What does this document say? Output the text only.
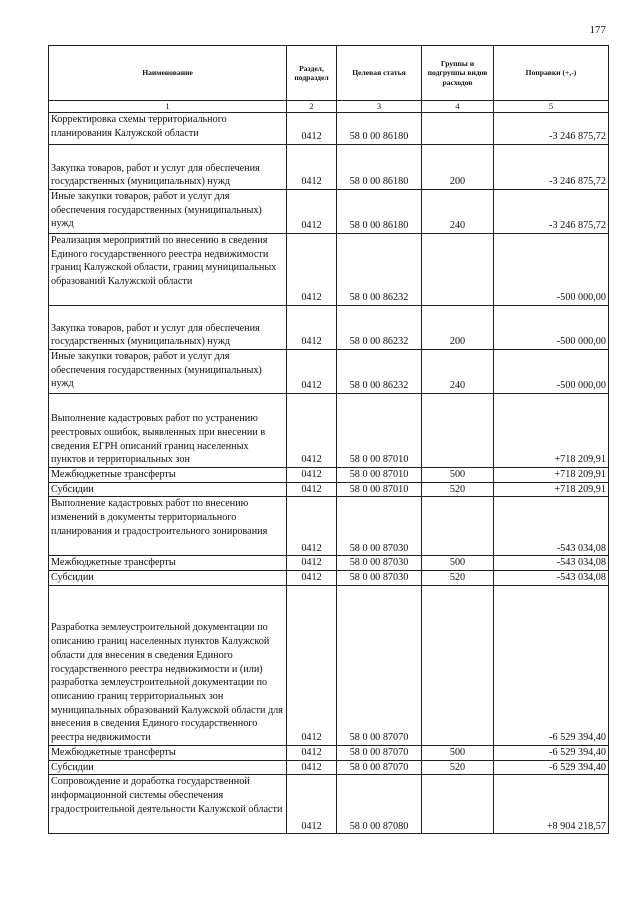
177
Наименование	Раздел, подраздел	Целевая статья	Группы и подгруппы видов расходов	Поправки (+,-)
1	2	3	4	5
Корректировка схемы территориального планирования Калужской области	0412	58 0 00 86180		-3 246 875,72
Закупка товаров, работ и услуг для обеспечения государственных (муниципальных) нужд	0412	58 0 00 86180	200	-3 246 875,72
Иные закупки товаров, работ и услуг для обеспечения государственных (муниципальных) нужд	0412	58 0 00 86180	240	-3 246 875,72
Реализация мероприятий по внесению в сведения Единого государственного реестра недвижимости границ Калужской области, границ муниципальных образований Калужской области	0412	58 0 00 86232		-500 000,00
Закупка товаров, работ и услуг для обеспечения государственных (муниципальных) нужд	0412	58 0 00 86232	200	-500 000,00
Иные закупки товаров, работ и услуг для обеспечения государственных (муниципальных) нужд	0412	58 0 00 86232	240	-500 000,00
Выполнение кадастровых работ по устранению реестровых ошибок, выявленных при внесении в сведения ЕГРН описаний границ населенных пунктов и территориальных зон	0412	58 0 00 87010		+718 209,91
Межбюджетные трансферты	0412	58 0 00 87010	500	+718 209,91
Субсидии	0412	58 0 00 87010	520	+718 209,91
Выполнение кадастровых работ по внесению изменений в документы территориального планирования и градостроительного зонирования	0412	58 0 00 87030		-543 034,08
Межбюджетные трансферты	0412	58 0 00 87030	500	-543 034,08
Субсидии	0412	58 0 00 87030	520	-543 034,08
Разработка землеустроительной документации по описанию границ населенных пунктов Калужской области для внесения в сведения Единого государственного реестра недвижимости и (или) разработка землеустроительной документации по описанию границ территориальных зон муниципальных образований Калужской области для внесения в сведения Единого государственного реестра недвижимости	0412	58 0 00 87070		-6 529 394,40
Межбюджетные трансферты	0412	58 0 00 87070	500	-6 529 394,40
Субсидии	0412	58 0 00 87070	520	-6 529 394,40
Сопровождение и доработка государственной информационной системы обеспечения градостроительной деятельности Калужской области	0412	58 0 00 87080		+8 904 218,57
